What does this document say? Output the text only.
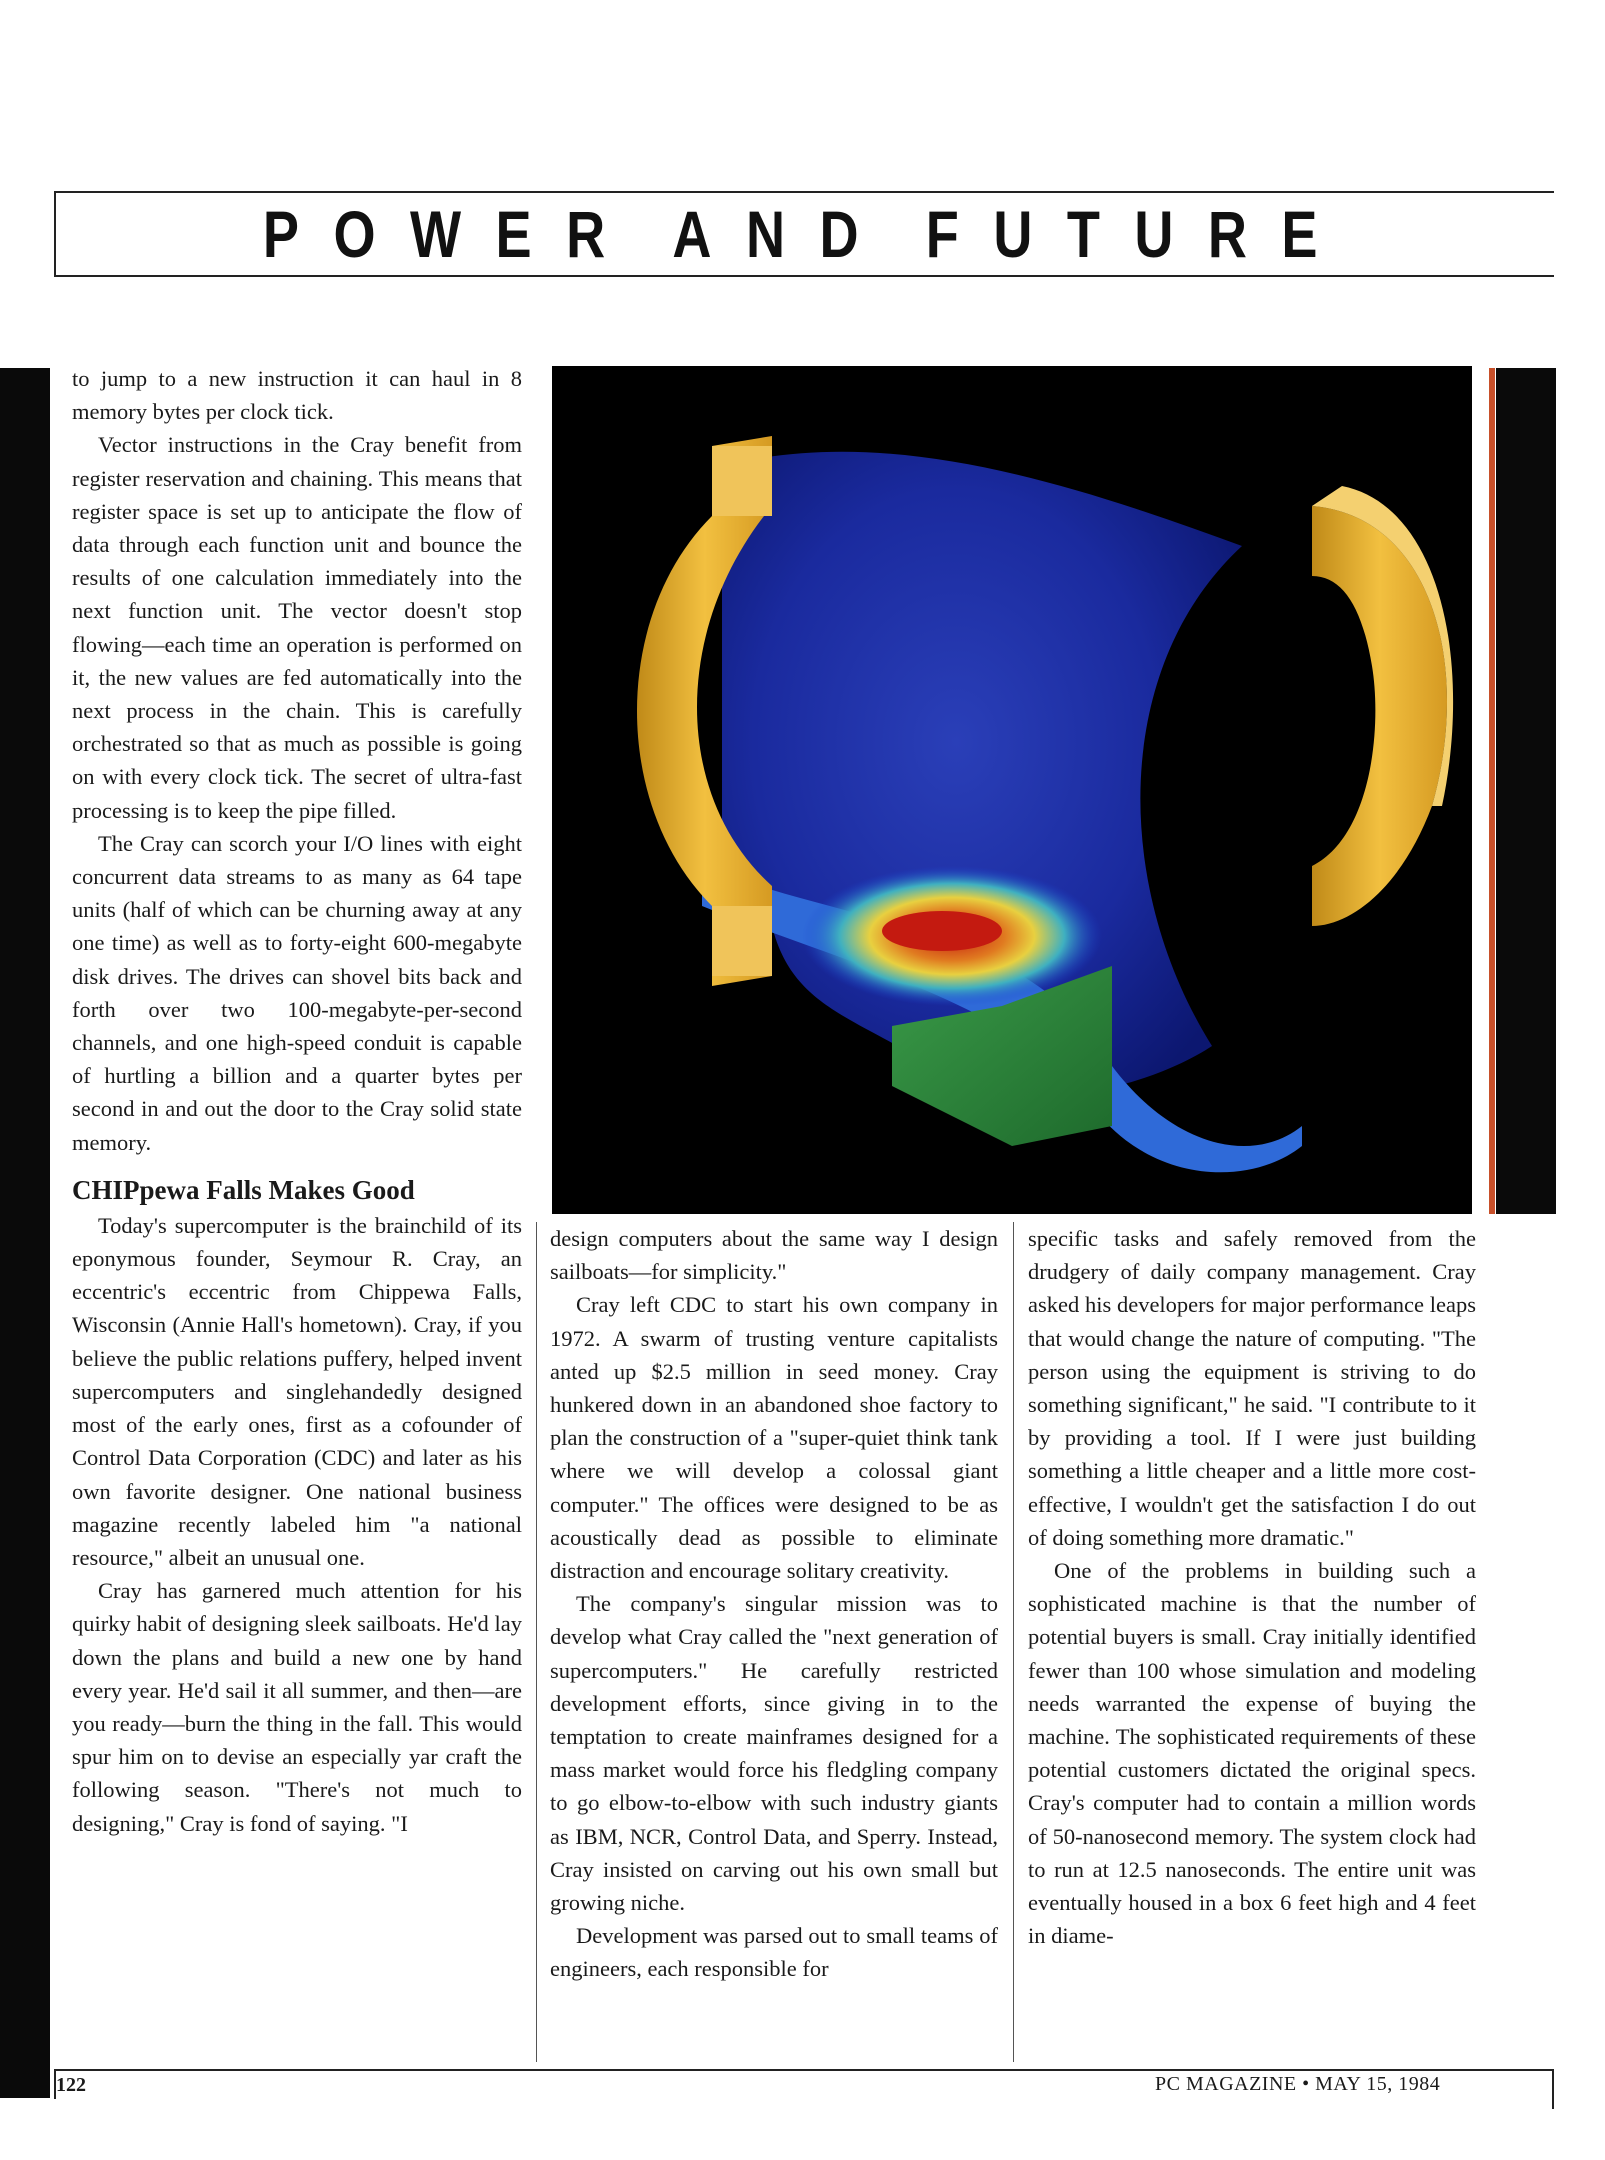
POWER AND FUTURE

to jump to a new instruction it can haul in 8 memory bytes per clock tick.

Vector instructions in the Cray benefit from register reservation and chaining. This means that register space is set up to anticipate the flow of data through each function unit and bounce the results of one calculation immediately into the next function unit. The vector doesn't stop flowing—each time an operation is performed on it, the new values are fed automatically into the next process in the chain. This is carefully orchestrated so that as much as possible is going on with every clock tick. The secret of ultra-fast processing is to keep the pipe filled.

The Cray can scorch your I/O lines with eight concurrent data streams to as many as 64 tape units (half of which can be churning away at any one time) as well as to forty-eight 600-megabyte disk drives. The drives can shovel bits back and forth over two 100-megabyte-per-second channels, and one high-speed conduit is capable of hurtling a billion and a quarter bytes per second in and out the door to the Cray solid state memory.

CHIPpewa Falls Makes Good

Today's supercomputer is the brainchild of its eponymous founder, Seymour R. Cray, an eccentric's eccentric from Chippewa Falls, Wisconsin (Annie Hall's hometown). Cray, if you believe the public relations puffery, helped invent supercomputers and singlehandedly designed most of the early ones, first as a cofounder of Control Data Corporation (CDC) and later as his own favorite designer. One national business magazine recently labeled him "a national resource," albeit an unusual one.

Cray has garnered much attention for his quirky habit of designing sleek sailboats. He'd lay down the plans and build a new one by hand every year. He'd sail it all summer, and then—are you ready—burn the thing in the fall. This would spur him on to devise an especially yar craft the following season. "There's not much to designing," Cray is fond of saying. "I

design computers about the same way I design sailboats—for simplicity."

Cray left CDC to start his own company in 1972. A swarm of trusting venture capitalists anted up $2.5 million in seed money. Cray hunkered down in an abandoned shoe factory to plan the construction of a "super-quiet think tank where we will develop a colossal giant computer." The offices were designed to be as acoustically dead as possible to eliminate distraction and encourage solitary creativity.

The company's singular mission was to develop what Cray called the "next generation of supercomputers." He carefully restricted development efforts, since giving in to the temptation to create mainframes designed for a mass market would force his fledgling company to go elbow-to-elbow with such industry giants as IBM, NCR, Control Data, and Sperry. Instead, Cray insisted on carving out his own small but growing niche.

Development was parsed out to small teams of engineers, each responsible for

specific tasks and safely removed from the drudgery of daily company management. Cray asked his developers for major performance leaps that would change the nature of computing. "The person using the equipment is striving to do something significant," he said. "I contribute to it by providing a tool. If I were just building something a little cheaper and a little more cost-effective, I wouldn't get the satisfaction I do out of doing something more dramatic."

One of the problems in building such a sophisticated machine is that the number of potential buyers is small. Cray initially identified fewer than 100 whose simulation and modeling needs warranted the expense of buying the machine. The sophisticated requirements of these potential customers dictated the original specs. Cray's computer had to contain a million words of 50-nanosecond memory. The system clock had to run at 12.5 nanoseconds. The entire unit was eventually housed in a box 6 feet high and 4 feet in diame-

122	PC MAGAZINE • MAY 15, 1984
